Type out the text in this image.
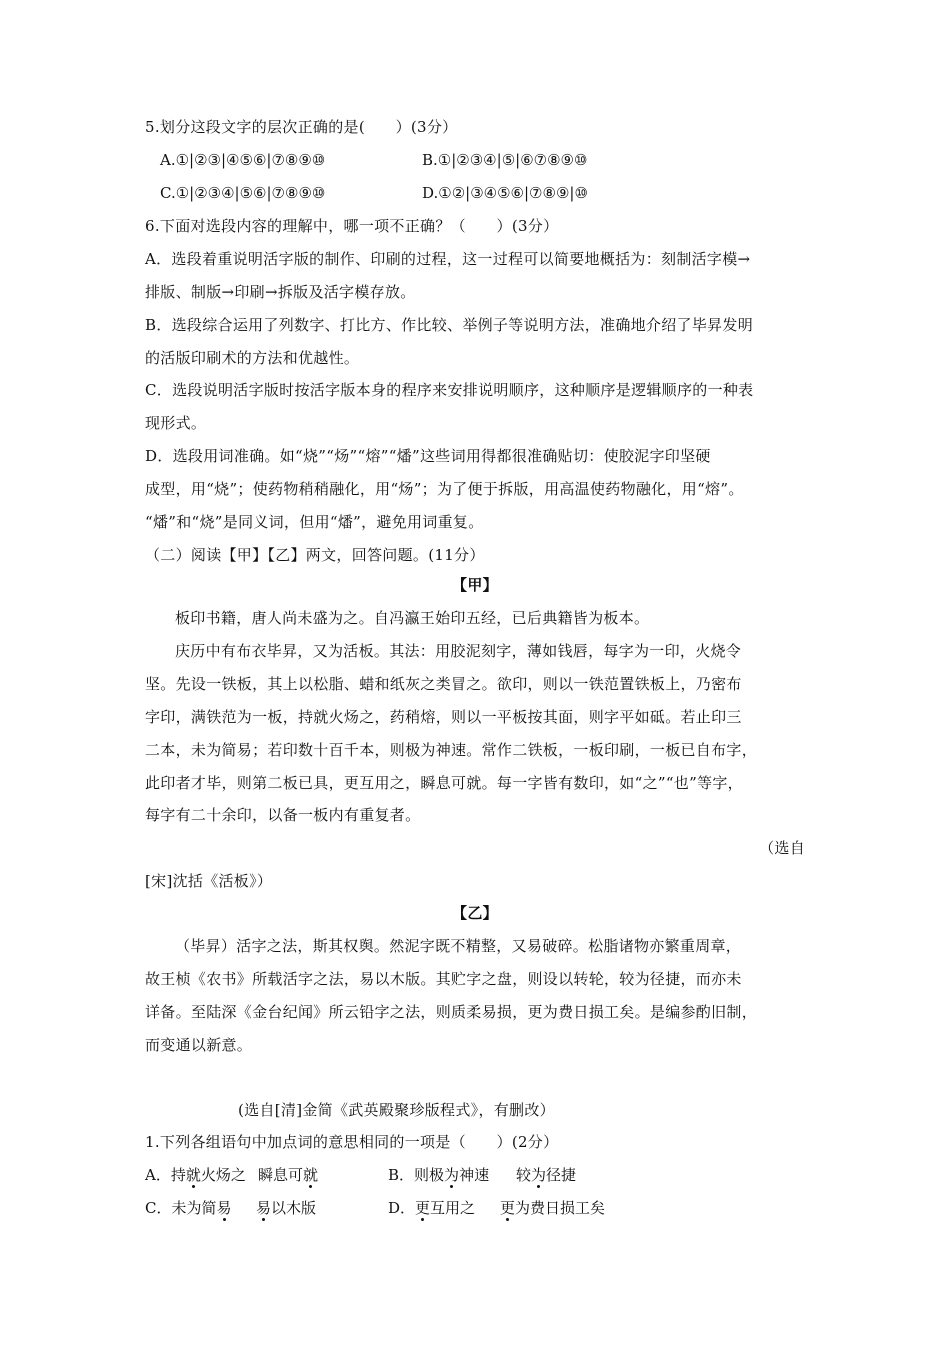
5.划分这段文字的层次正确的是(　　）(3分）
A.①|②③|④⑤⑥|⑦⑧⑨⑩	B.①|②③④|⑤|⑥⑦⑧⑨⑩
C.①|②③④|⑤⑥|⑦⑧⑨⑩	D.①②|③④⑤⑥|⑦⑧⑨|⑩
6.下面对选段内容的理解中，哪一项不正确？（　　）(3分）
A．选段着重说明活字版的制作、印刷的过程，这一过程可以简要地概括为：刻制活字模→
排版、制版→印刷→拆版及活字模存放。
B．选段综合运用了列数字、打比方、作比较、举例子等说明方法，准确地介绍了毕昇发明
的活版印刷术的方法和优越性。
C．选段说明活字版时按活字版本身的程序来安排说明顺序，这种顺序是逻辑顺序的一种表
现形式。
D．选段用词准确。如“烧”“炀”“熔”“燔”这些词用得都很准确贴切：使胶泥字印坚硬
成型，用“烧”；使药物稍稍融化，用“炀”；为了便于拆版，用高温使药物融化，用“熔”。
“燔”和“烧”是同义词，但用“燔”，避免用词重复。
（二）阅读【甲】【乙】两文，回答问题。(11分）
【甲】
板印书籍，唐人尚未盛为之。自冯瀛王始印五经，已后典籍皆为板本。
庆历中有布衣毕昇，又为活板。其法：用胶泥刻字，薄如钱唇，每字为一印，火烧令
坚。先设一铁板，其上以松脂、蜡和纸灰之类冒之。欲印，则以一铁范置铁板上，乃密布
字印，满铁范为一板，持就火炀之，药稍熔，则以一平板按其面，则字平如砥。若止印三
二本，未为简易；若印数十百千本，则极为神速。常作二铁板，一板印刷，一板已自布字，
此印者才毕，则第二板已具，更互用之，瞬息可就。每一字皆有数印，如“之”“也”等字，
每字有二十余印，以备一板内有重复者。
（选自
[宋]沈括《活板》）
【乙】
（毕昇）活字之法，斯其权舆。然泥字既不精整，又易破碎。松脂诸物亦繁重周章，
故王桢《农书》所载活字之法，易以木版。其贮字之盘，则设以转轮，较为径捷，而亦未
详备。至陆深《金台纪闻》所云铅字之法，则质柔易损，更为费日损工矣。是编参酌旧制，
而变通以新意。
(选自[清]金简《武英殿聚珍版程式》，有删改）
1.下列各组语句中加点词的意思相同的一项是（　　）(2分）
A．持就火炀之 瞬息可就	B．则极为神速 较为径捷
C．未为简易 易以木版	D．更互用之 更为费日损工矣
